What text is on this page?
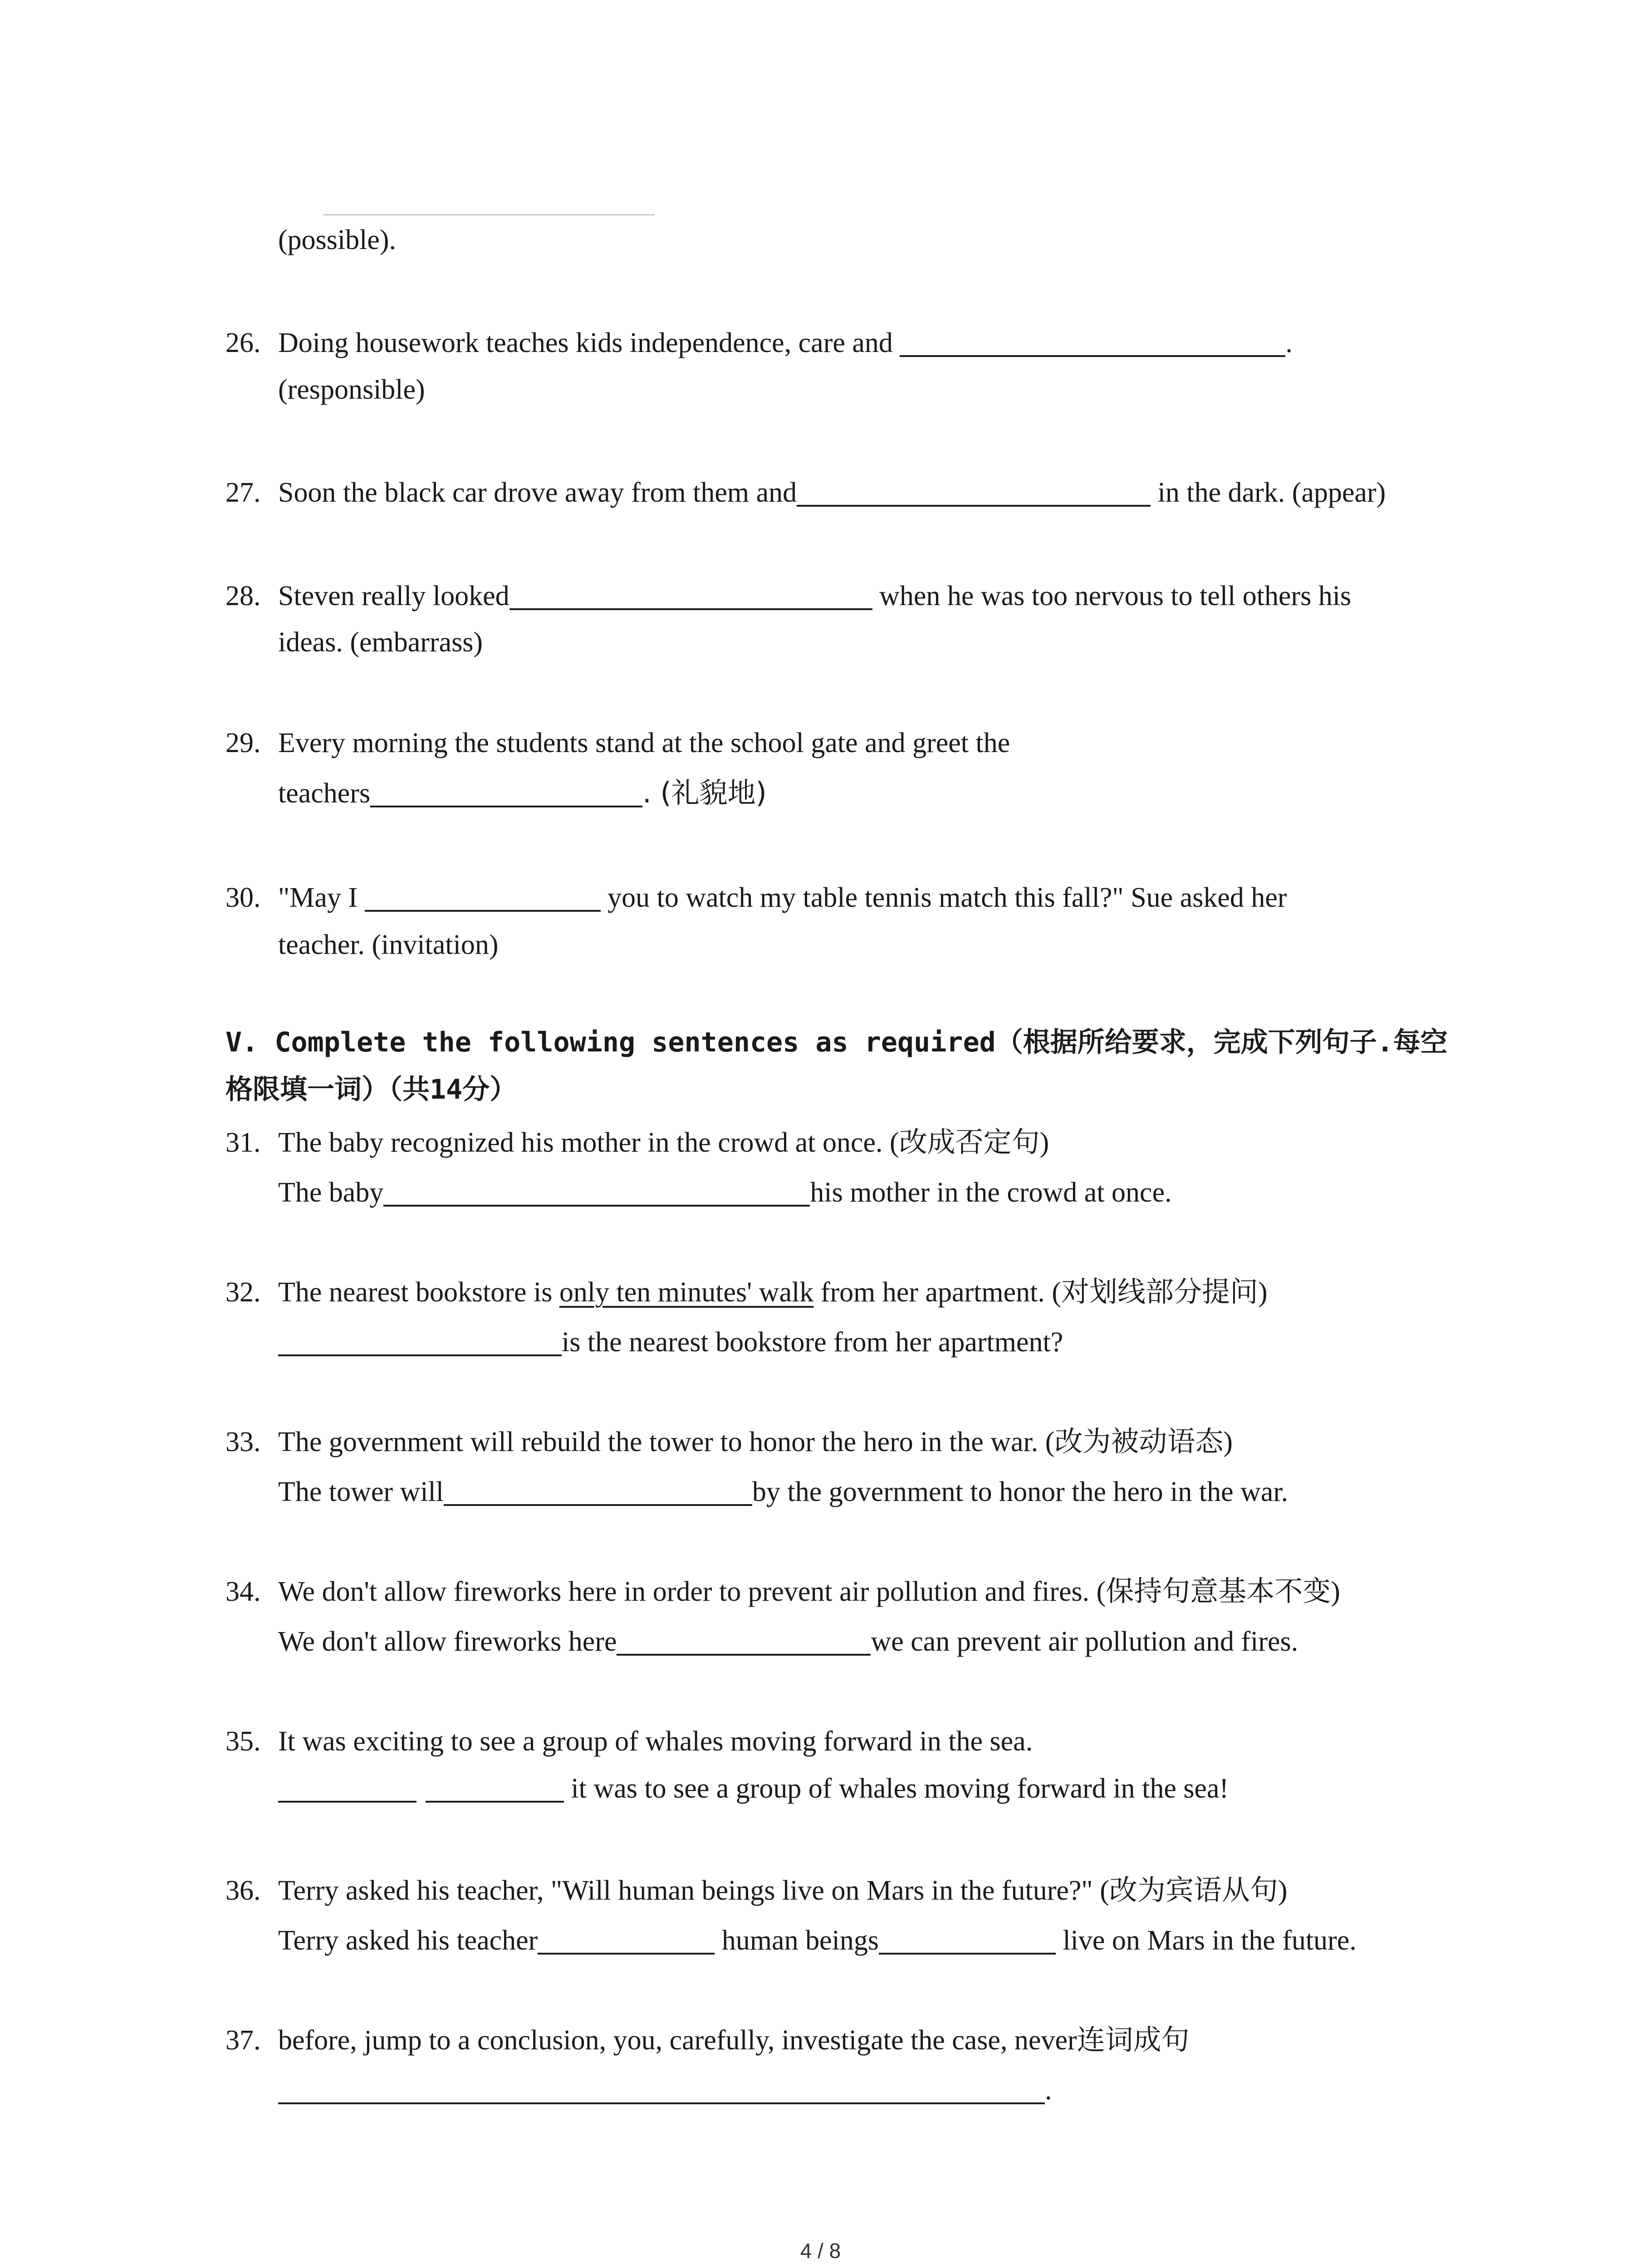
(possible).
26. Doing housework teaches kids independence, care and	.
(responsible)
27. Soon the black car drove away from them and	in the dark. (appear)
28. Steven really looked	when he was too nervous to tell others his
ideas. (embarrass)
29. Every morning the students stand at the school gate and greet the
teachers	. (礼貌地)
30. "May I	you to watch my table tennis match this fall?" Sue asked her
teacher. (invitation)
V. Complete the following sentences as required（根据所给要求，完成下列句子.每空
格限填一词）（共14分）
31. The baby recognized his mother in the crowd at once. (改成否定句)
The baby	his mother in the crowd at once.
32. The nearest bookstore is only ten minutes' walk from her apartment. (对划线部分提问)
is the nearest bookstore from her apartment?
33. The government will rebuild the tower to honor the hero in the war. (改为被动语态)
The tower will	by the government to honor the hero in the war.
34. We don't allow fireworks here in order to prevent air pollution and fires. (保持句意基本不变)
We don't allow fireworks here	we can prevent air pollution and fires.
35. It was exciting to see a group of whales moving forward in the sea.
it was to see a group of whales moving forward in the sea!
36. Terry asked his teacher, "Will human beings live on Mars in the future?" (改为宾语从句)
Terry asked his teacher	human beings	live on Mars in the future.
37. before, jump to a conclusion, you, carefully, investigate the case, never连词成句
.
4 / 8
